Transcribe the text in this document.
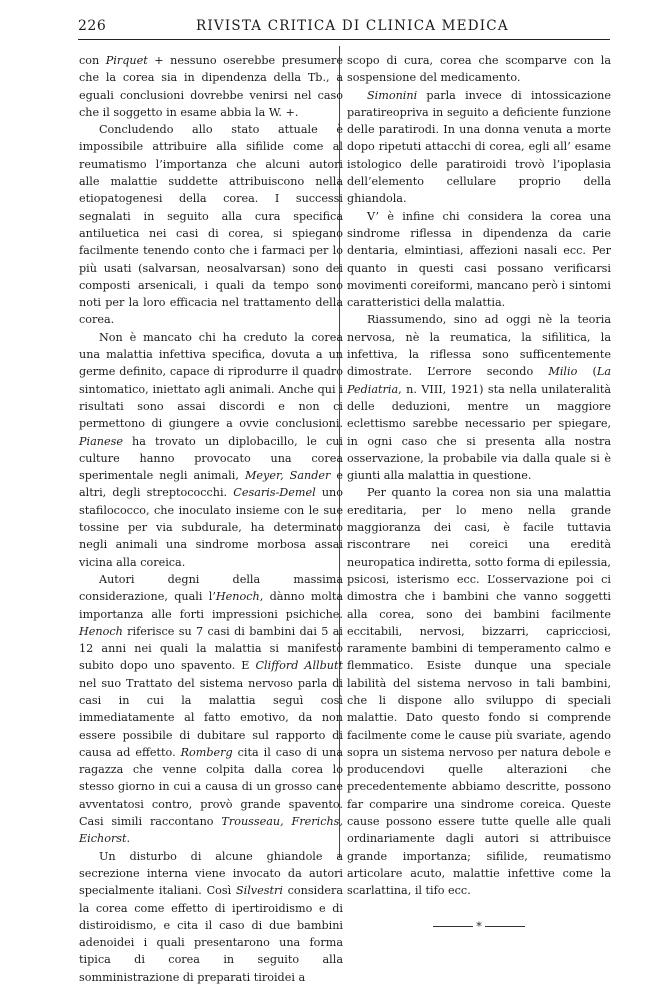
226	RIVISTA CRITICA DI CLINICA MEDICA

con Pirquet + nessuno oserebbe presumere che la corea sia in dipendenza della Tb., a eguali conclusioni dovrebbe venirsi nel caso che il soggetto in esame abbia la W. +.

Concludendo allo stato attuale è impossibile attribuire alla sifilide come al reumatismo l’importanza che alcuni autori alle malattie suddette attribuiscono nella etiopatogenesi della corea. I successi segnalati in seguito alla cura specifica antiluetica nei casi di corea, si spiegano facilmente tenendo conto che i farmaci per lo più usati (salvarsan, neosalvarsan) sono dei composti arsenicali, i quali da tempo sono noti per la loro efficacia nel trattamento della corea.

Non è mancato chi ha creduto la corea una malattia infettiva specifica, dovuta a un germe definito, capace di riprodurre il quadro sintomatico, iniettato agli animali. Anche qui i risultati sono assai discordi e non ci permettono di giungere a ovvie conclusioni. Pianese ha trovato un diplobacillo, le cui culture hanno provocato una corea sperimentale negli animali, Meyer, Sander e altri, degli streptococchi. Cesaris-Demel uno stafilococco, che inoculato insieme con le sue tossine per via subdurale, ha determinato negli animali una sindrome morbosa assai vicina alla coreica.

Autori degni della massima considerazione, quali l’Henoch, dànno molta importanza alle forti impressioni psichiche. Henoch riferisce su 7 casi di bambini dai 5 ai 12 anni nei quali la malattia si manifestò subito dopo uno spavento. E Clifford Allbutt nel suo Trattato del sistema nervoso parla di casi in cui la malattia seguì così immediatamente al fatto emotivo, da non essere possibile di dubitare sul rapporto di causa ad effetto. Romberg cita il caso di una ragazza che venne colpita dalla corea lo stesso giorno in cui a causa di un grosso cane avventatosi contro, provò grande spavento. Casi simili raccontano Trousseau, Frerichs, Eichorst.

Un disturbo di alcune ghiandole a secrezione interna viene invocato da autori specialmente italiani. Così Silvestri considera la corea come effetto di ipertiroidismo e di distiroidismo, e cita il caso di due bambini adenoidei i quali presentarono una forma tipica di corea in seguito alla somministrazione di preparati tiroidei a

scopo di cura, corea che scomparve con la sospensione del medicamento.

Simonini parla invece di intossicazione paratireopriva in seguito a deficiente funzione delle paratirodi. In una donna venuta a morte dopo ripetuti attacchi di corea, egli all’ esame istologico delle paratiroidi trovò l’ipoplasia dell’elemento cellulare proprio della ghiandola.

V’ è infine chi considera la corea una sindrome riflessa in dipendenza da carie dentaria, elmintiasi, affezioni nasali ecc. Per quanto in questi casi possano verificarsi movimenti coreiformi, mancano però i sintomi caratteristici della malattia.

Riassumendo, sino ad oggi nè la teoria nervosa, nè la reumatica, la sifilitica, la infettiva, la riflessa sono sufficentemente dimostrate. L’errore secondo Milio (La Pediatria, n. VIII, 1921) sta nella unilateralità delle deduzioni, mentre un maggiore eclettismo sarebbe necessario per spiegare, in ogni caso che si presenta alla nostra osservazione, la probabile via dalla quale si è giunti alla malattia in questione.

Per quanto la corea non sia una malattia ereditaria, per lo meno nella grande maggioranza dei casi, è facile tuttavia riscontrare nei coreici una eredità neuropatica indiretta, sotto forma di epilessia, psicosi, isterismo ecc. L’osservazione poi ci dimostra che i bambini che vanno soggetti alla corea, sono dei bambini facilmente eccitabili, nervosi, bizzarri, capricciosi, raramente bambini di temperamento calmo e flemmatico. Esiste dunque una speciale labilità del sistema nervoso in tali bambini, che li dispone allo sviluppo di speciali malattie. Dato questo fondo si comprende facilmente come le cause più svariate, agendo sopra un sistema nervoso per natura debole e producendovi quelle alterazioni che precedentemente abbiamo descritte, possono far comparire una sindrome coreica. Queste cause possono essere tutte quelle alle quali ordinariamente dagli autori si attribuisce grande importanza; sifilide, reumatismo articolare acuto, malattie infettive come la scarlattina, il tifo ecc.

*
